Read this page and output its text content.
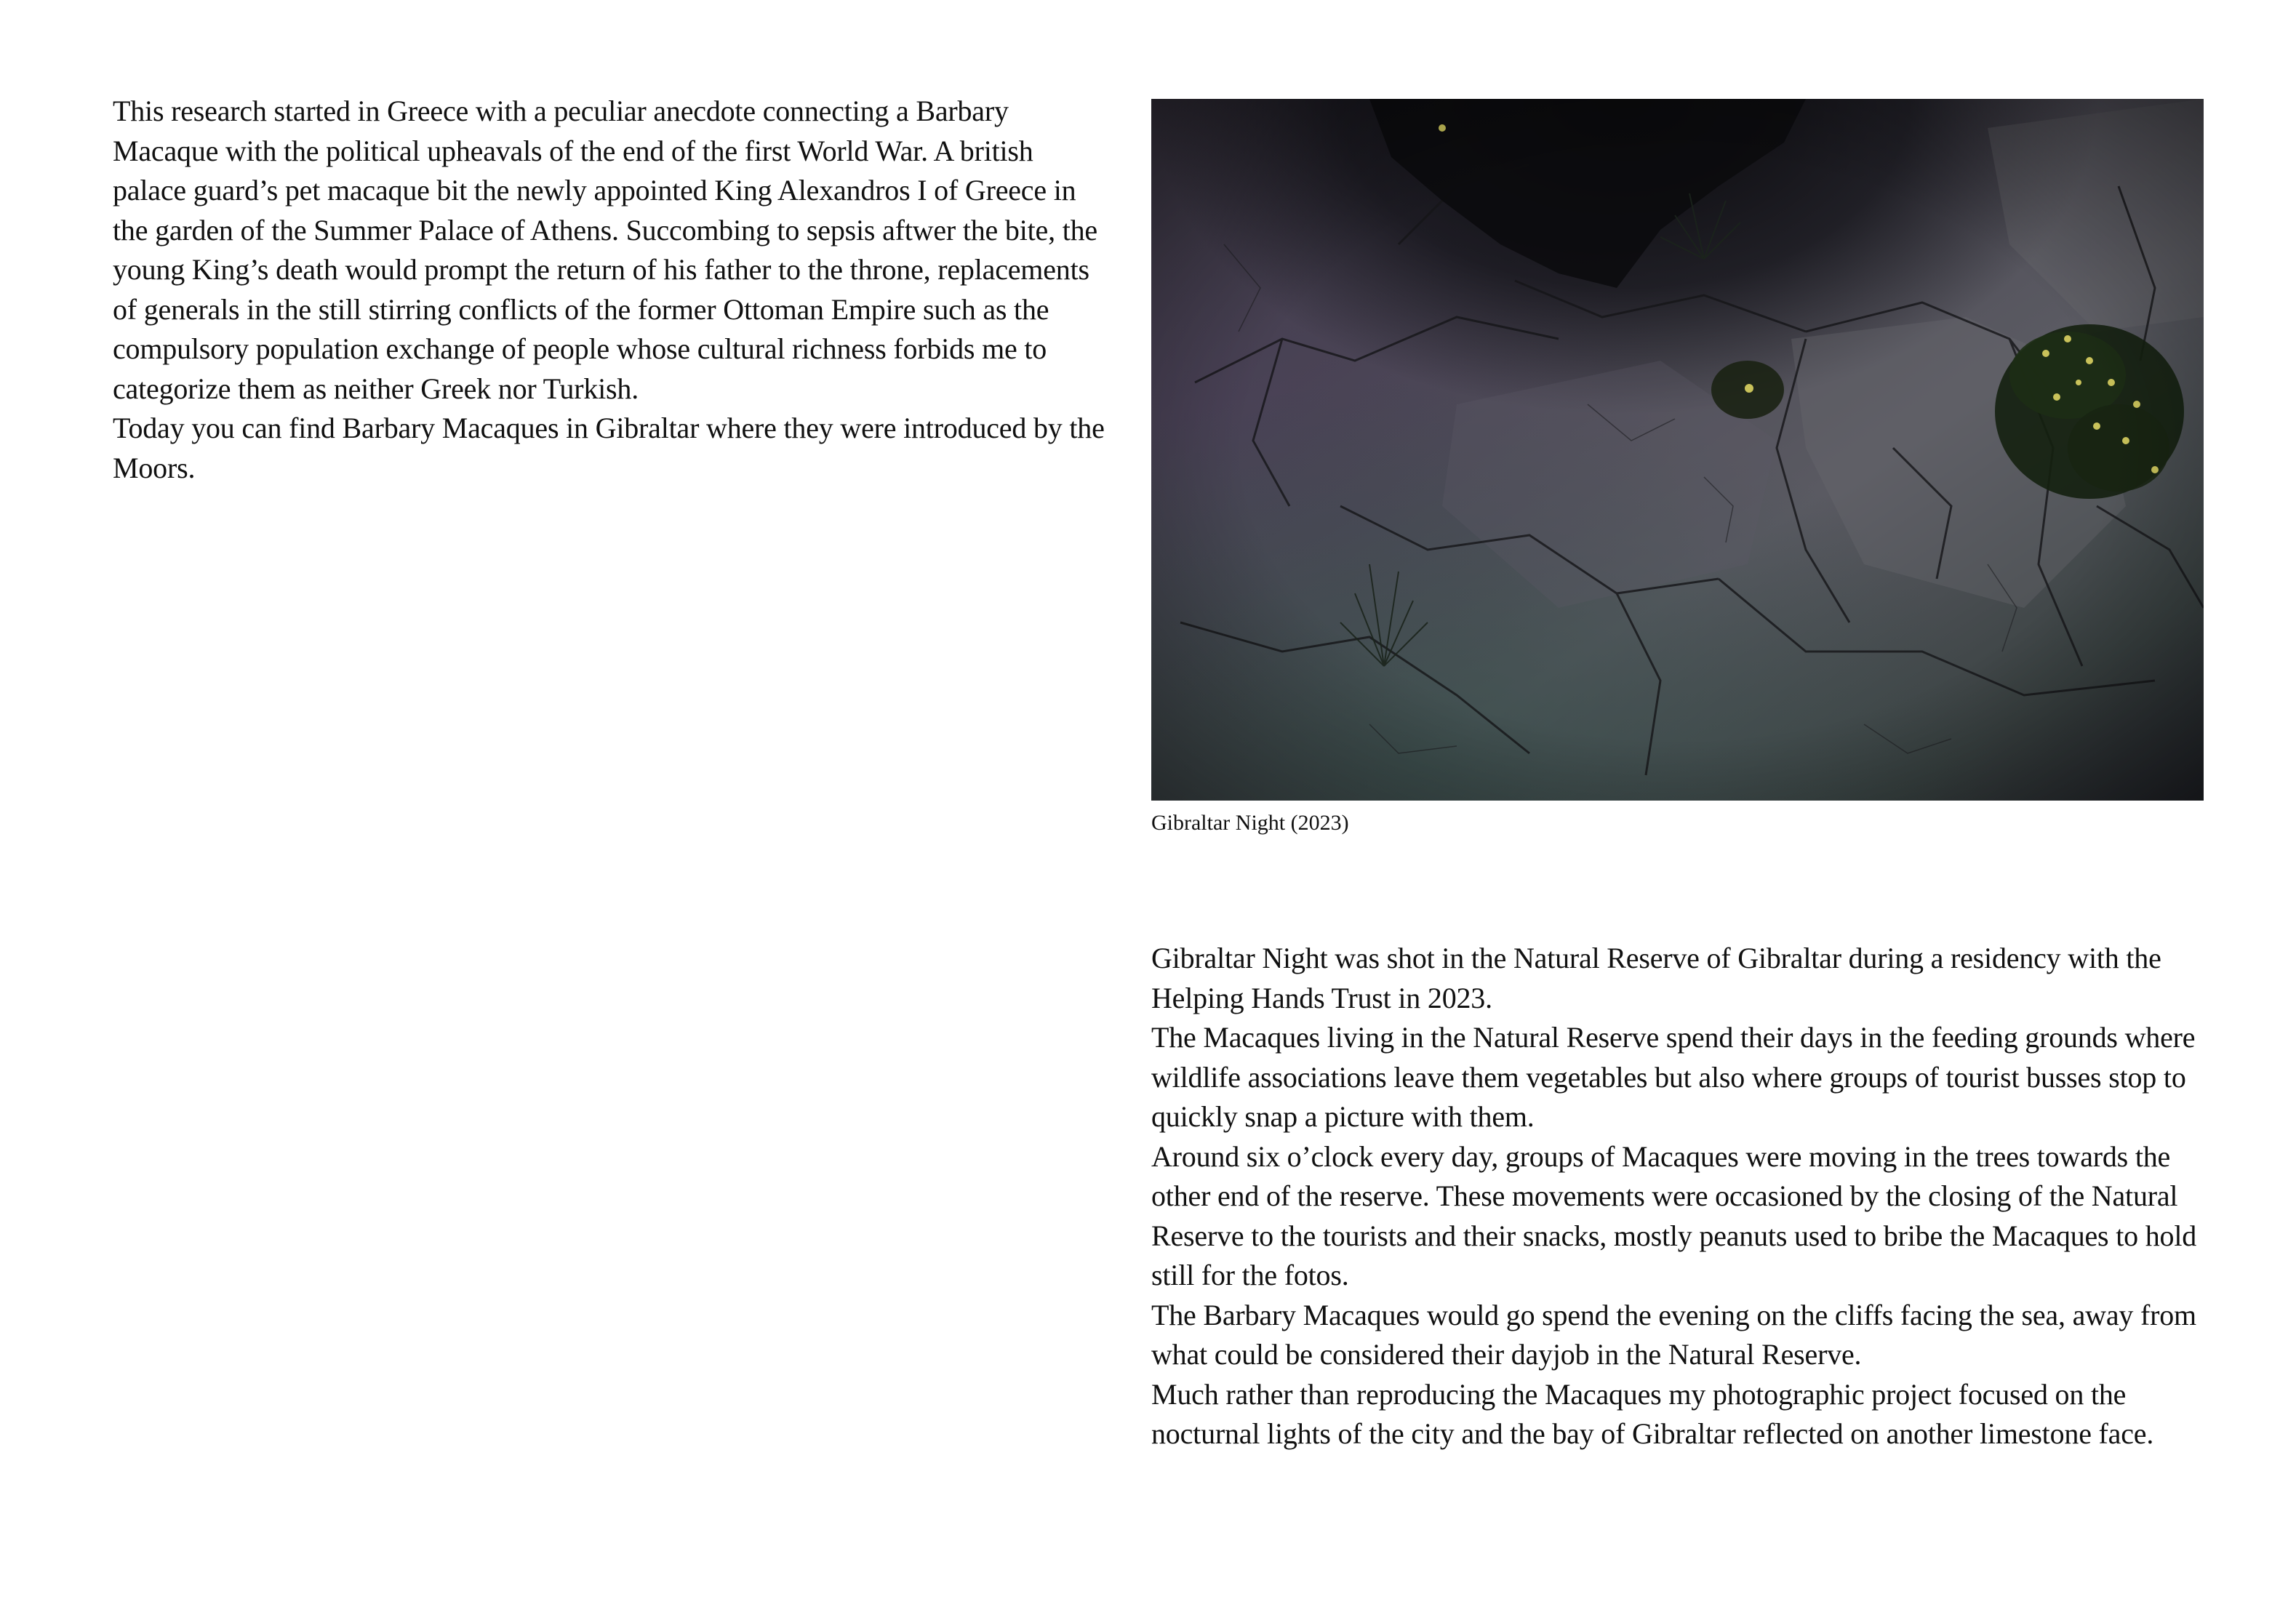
This research started in Greece with a peculiar anecdote connecting a Barbary Macaque with the political upheavals of the end of the first World War. A british palace guard’s pet macaque bit the newly appointed King Alexandros I of Greece in the garden of the Summer Palace of Athens. Succombing to sepsis aftwer the bite, the young King’s death would prompt the return of his father to the throne, replacements of generals in the still stirring conflicts of the former Ottoman Empire such as the compulsory population exchange of people whose cultural richness forbids me to categorize them as neither Greek nor Turkish.

Today you can find Barbary Macaques in Gibraltar where they were introduced by the Moors.

Gibraltar Night (2023)

Gibraltar Night was shot in the Natural Reserve of Gibraltar during a residency with the Helping Hands Trust in 2023.

The Macaques living in the Natural Reserve spend their days in the feeding grounds where wildlife associations leave them vegetables but also where groups of tourist busses stop to quickly snap a picture with them.

Around six o’clock every day, groups of Macaques were moving in the trees towards the other end of the reserve. These movements were occasioned by the closing of the Natural Reserve to the tourists and their snacks, mostly peanuts used to bribe the Macaques to hold still for the fotos.

The Barbary Macaques would go spend the evening on the cliffs facing the sea, away from what could be considered their dayjob in the Natural Reserve.

Much rather than reproducing the Macaques my photographic project focused on the nocturnal lights of the city and the bay of Gibraltar reflected on another limestone face.
